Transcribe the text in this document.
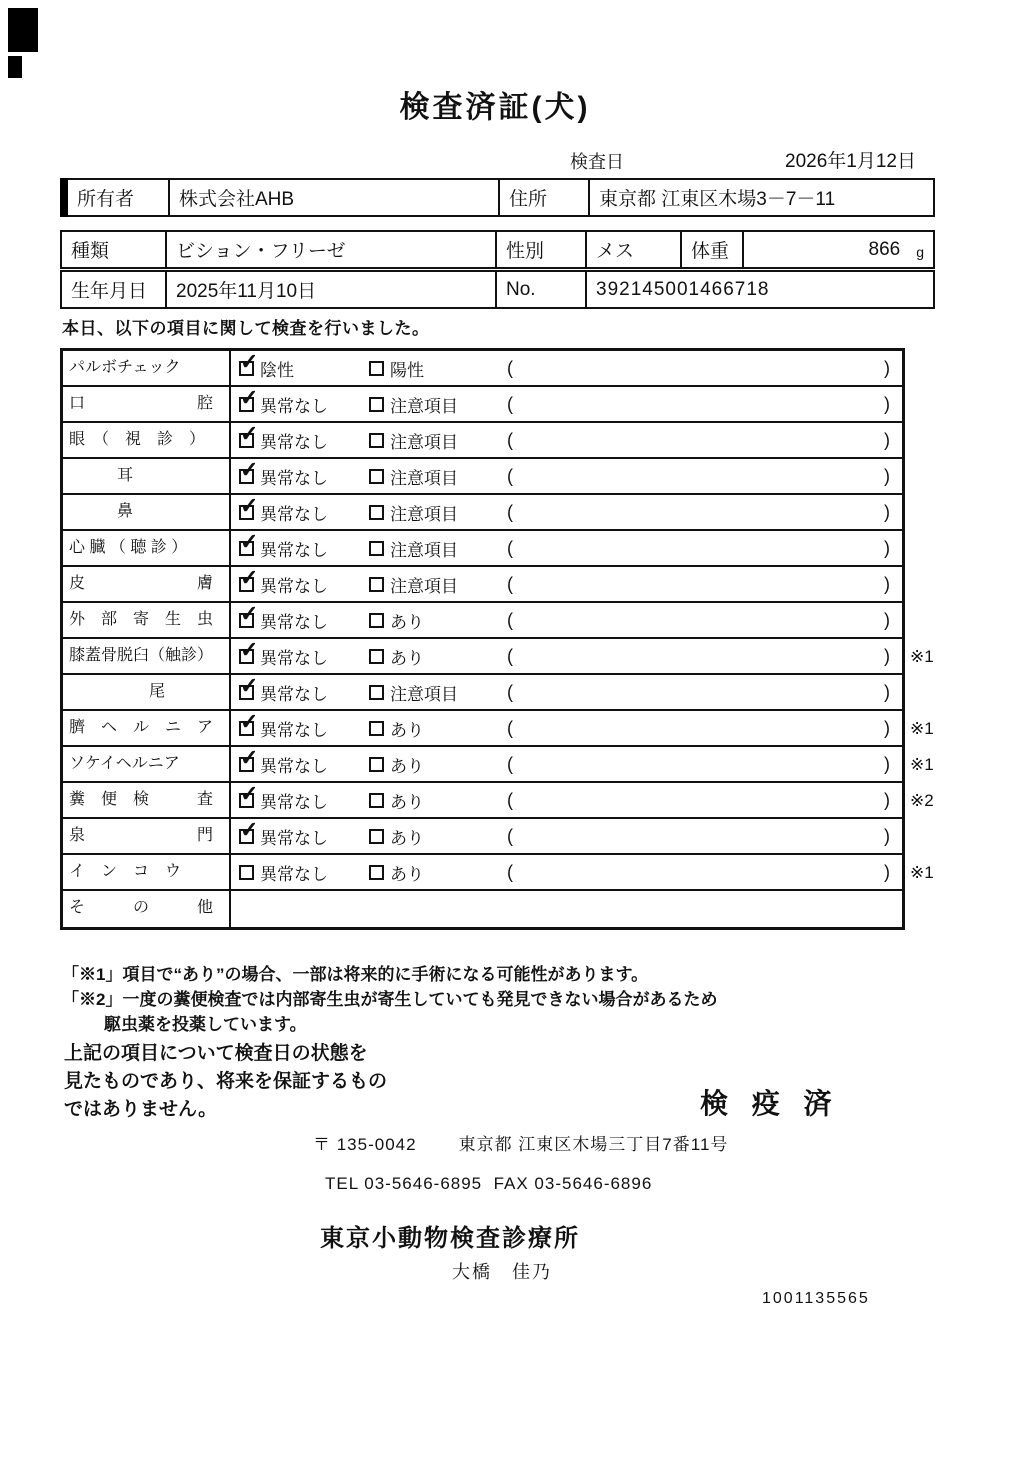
検査済証(犬)
検査日	2026年1月12日
所有者	株式会社AHB	住所	東京都 江東区木場3－7－11
種類	ビション・フリーゼ	性別	メス	体重	866 g
生年月日	2025年11月10日	No.	392145001466718
本日、以下の項目に関して検査を行いました。
パルボチェック	✓ 陰性	陽性	(	)
口　　　　　　　腔	✓ 異常なし	注意項目	(	)
眼　（　視　診　）	✓ 異常なし	注意項目	(	)
　　　耳	✓ 異常なし	注意項目	(	)
　　　鼻	✓ 異常なし	注意項目	(	)
心 臓 （ 聴 診 ）	✓ 異常なし	注意項目	(	)
皮　　　　　　　膚	✓ 異常なし	注意項目	(	)
外　部　寄　生　虫	✓ 異常なし	あり	(	)
膝蓋骨脱臼（触診）	✓ 異常なし	あり	(	)	※1
　　　　　尾	✓ 異常なし	注意項目	(	)
臍　ヘ　ル　ニ　ア	✓ 異常なし	あり	(	)	※1
ソケイヘルニア	✓ 異常なし	あり	(	)	※1
糞　便　検　　　査	✓ 異常なし	あり	(	)	※2
泉　　　　　　　門	✓ 異常なし	あり	(	)
イ　ン　コ　ウ	異常なし	あり	(	)	※1
そ　　　の　　　他
「※1」項目で“あり”の場合、一部は将来的に手術になる可能性があります。
「※2」一度の糞便検査では内部寄生虫が寄生していても発見できない場合があるため
駆虫薬を投薬しています。
上記の項目について検査日の状態を
見たものであり、将来を保証するもの
ではありません。	検 疫 済
〒 135-0042 東京都 江東区木場三丁目7番11号
TEL 03-5646-6895  FAX 03-5646-6896
東京小動物検査診療所
大橋　佳乃
1001135565
